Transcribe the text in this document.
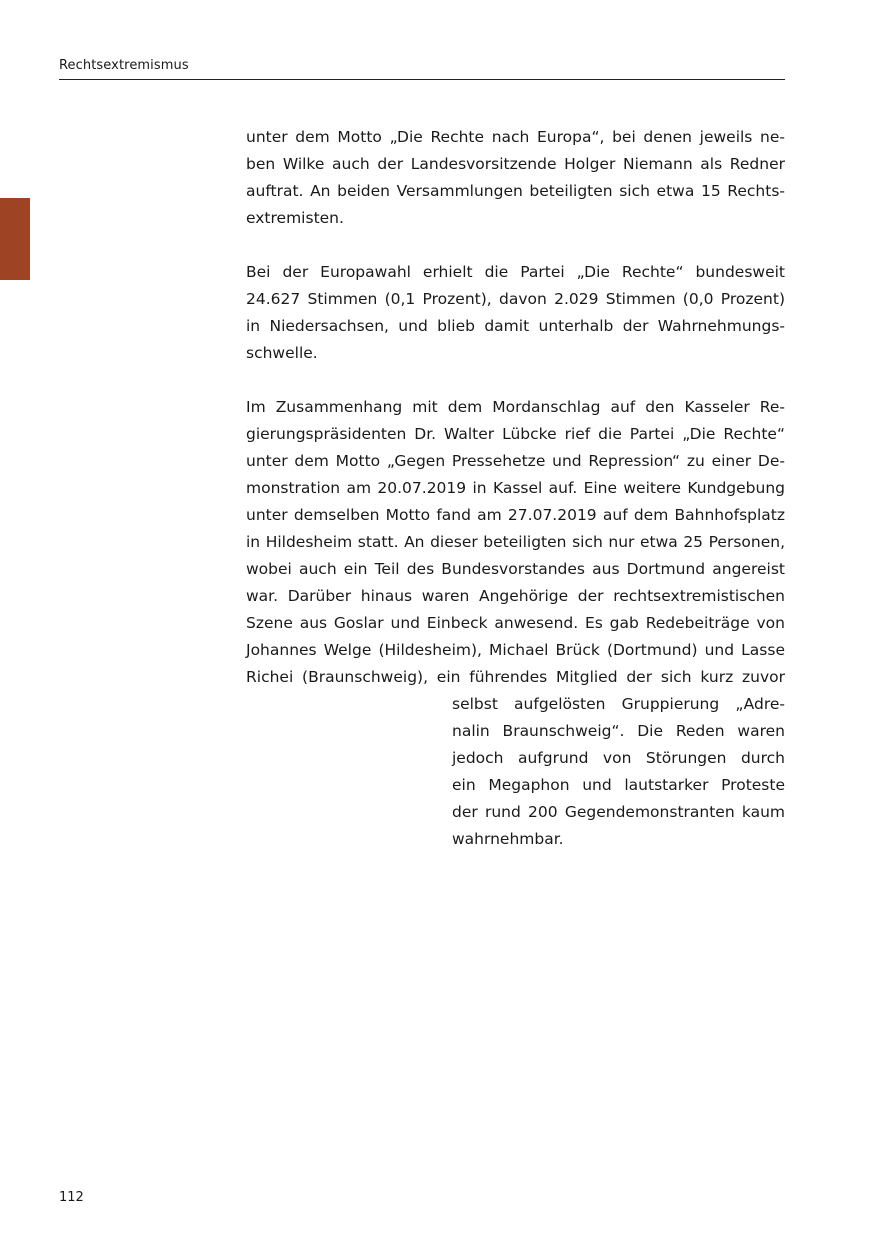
Rechtsextremismus
unter dem Motto „Die Rechte nach Europa“, bei denen jeweils ne-
ben Wilke auch der Landesvorsitzende Holger Niemann als Redner
auftrat. An beiden Versammlungen beteiligten sich etwa 15 Rechts-
extremisten.
Bei der Europawahl erhielt die Partei „Die Rechte“ bundesweit
24.627 Stimmen (0,1 Prozent), davon 2.029 Stimmen (0,0 Prozent)
in Niedersachsen, und blieb damit unterhalb der Wahrnehmungs-
schwelle.
Im Zusammenhang mit dem Mordanschlag auf den Kasseler Re-
gierungspräsidenten Dr. Walter Lübcke rief die Partei „Die Rechte“
unter dem Motto „Gegen Pressehetze und Repression“ zu einer De-
monstration am 20.07.2019 in Kassel auf. Eine weitere Kundgebung
unter demselben Motto fand am 27.07.2019 auf dem Bahnhofsplatz
in Hildesheim statt. An dieser beteiligten sich nur etwa 25 Personen,
wobei auch ein Teil des Bundesvorstandes aus Dortmund angereist
war. Darüber hinaus waren Angehörige der rechtsextremistischen
Szene aus Goslar und Einbeck anwesend. Es gab Redebeiträge von
Johannes Welge (Hildesheim), Michael Brück (Dortmund) und Lasse
Richei (Braunschweig), ein führendes Mitglied der sich kurz zuvor
selbst aufgelösten Gruppierung „Adre-
nalin Braunschweig“. Die Reden waren
jedoch aufgrund von Störungen durch
ein Megaphon und lautstarker Proteste
der rund 200 Gegendemonstranten kaum
wahrnehmbar.
112
